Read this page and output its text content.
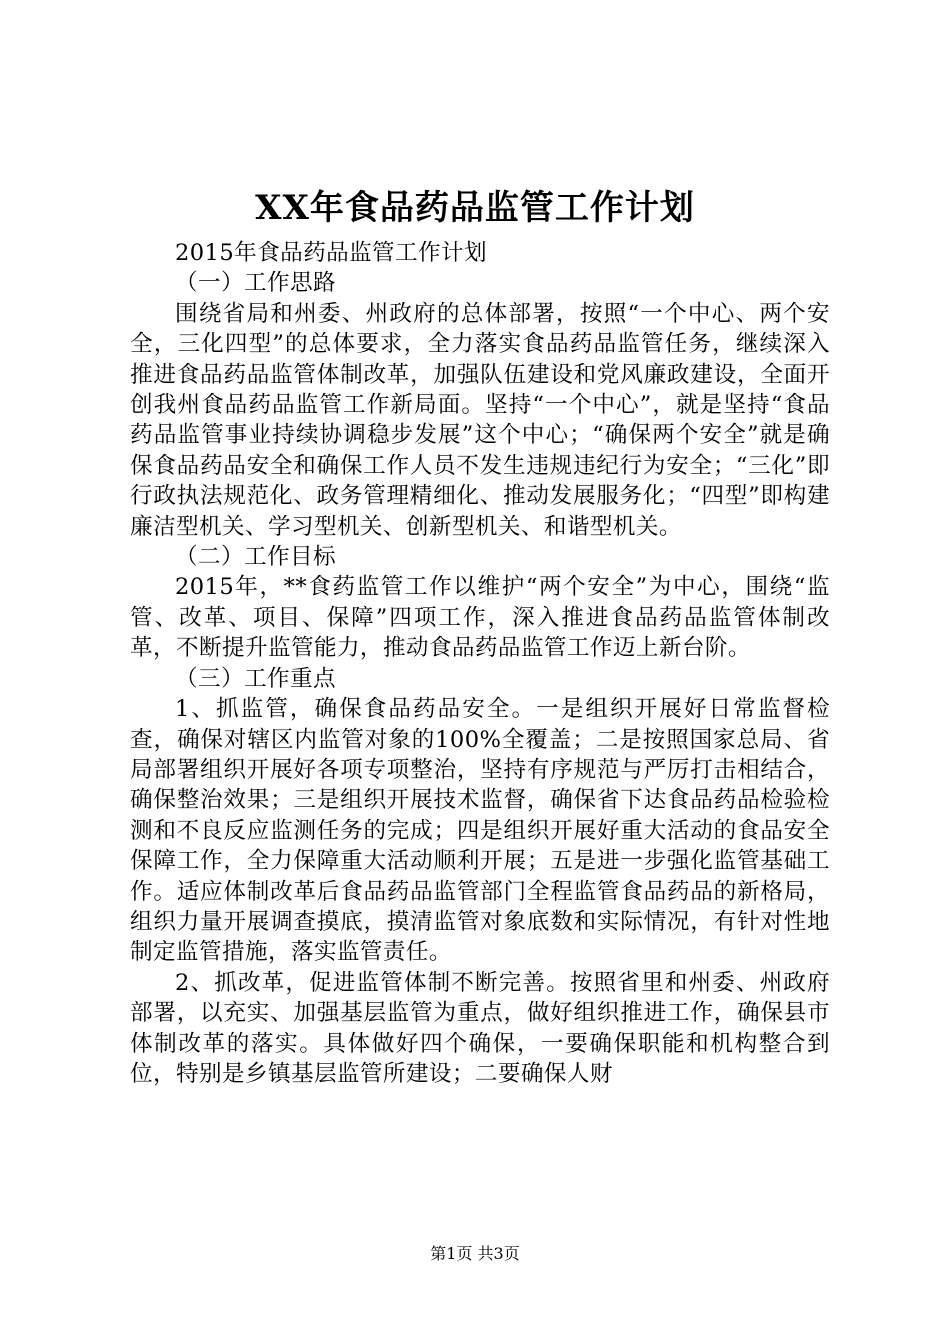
XX年食品药品监管工作计划

2015年食品药品监管工作计划

（一）工作思路

围绕省局和州委、州政府的总体部署，按照“一个中心、两个安全，三化四型”的总体要求，全力落实食品药品监管任务，继续深入推进食品药品监管体制改革，加强队伍建设和党风廉政建设，全面开创我州食品药品监管工作新局面。坚持“一个中心”，就是坚持“食品药品监管事业持续协调稳步发展”这个中心；“确保两个安全”就是确保食品药品安全和确保工作人员不发生违规违纪行为安全；“三化”即行政执法规范化、政务管理精细化、推动发展服务化；“四型”即构建廉洁型机关、学习型机关、创新型机关、和谐型机关。

（二）工作目标

2015年，**食药监管工作以维护“两个安全”为中心，围绕“监管、改革、项目、保障”四项工作，深入推进食品药品监管体制改革，不断提升监管能力，推动食品药品监管工作迈上新台阶。

（三）工作重点

1、抓监管，确保食品药品安全。一是组织开展好日常监督检查，确保对辖区内监管对象的100%全覆盖；二是按照国家总局、省局部署组织开展好各项专项整治，坚持有序规范与严厉打击相结合，确保整治效果；三是组织开展技术监督，确保省下达食品药品检验检测和不良反应监测任务的完成；四是组织开展好重大活动的食品安全保障工作，全力保障重大活动顺利开展；五是进一步强化监管基础工作。适应体制改革后食品药品监管部门全程监管食品药品的新格局，组织力量开展调查摸底，摸清监管对象底数和实际情况，有针对性地制定监管措施，落实监管责任。

2、抓改革，促进监管体制不断完善。按照省里和州委、州政府部署，以充实、加强基层监管为重点，做好组织推进工作，确保县市体制改革的落实。具体做好四个确保，一要确保职能和机构整合到位，特别是乡镇基层监管所建设；二要确保人财

第1页 共3页
